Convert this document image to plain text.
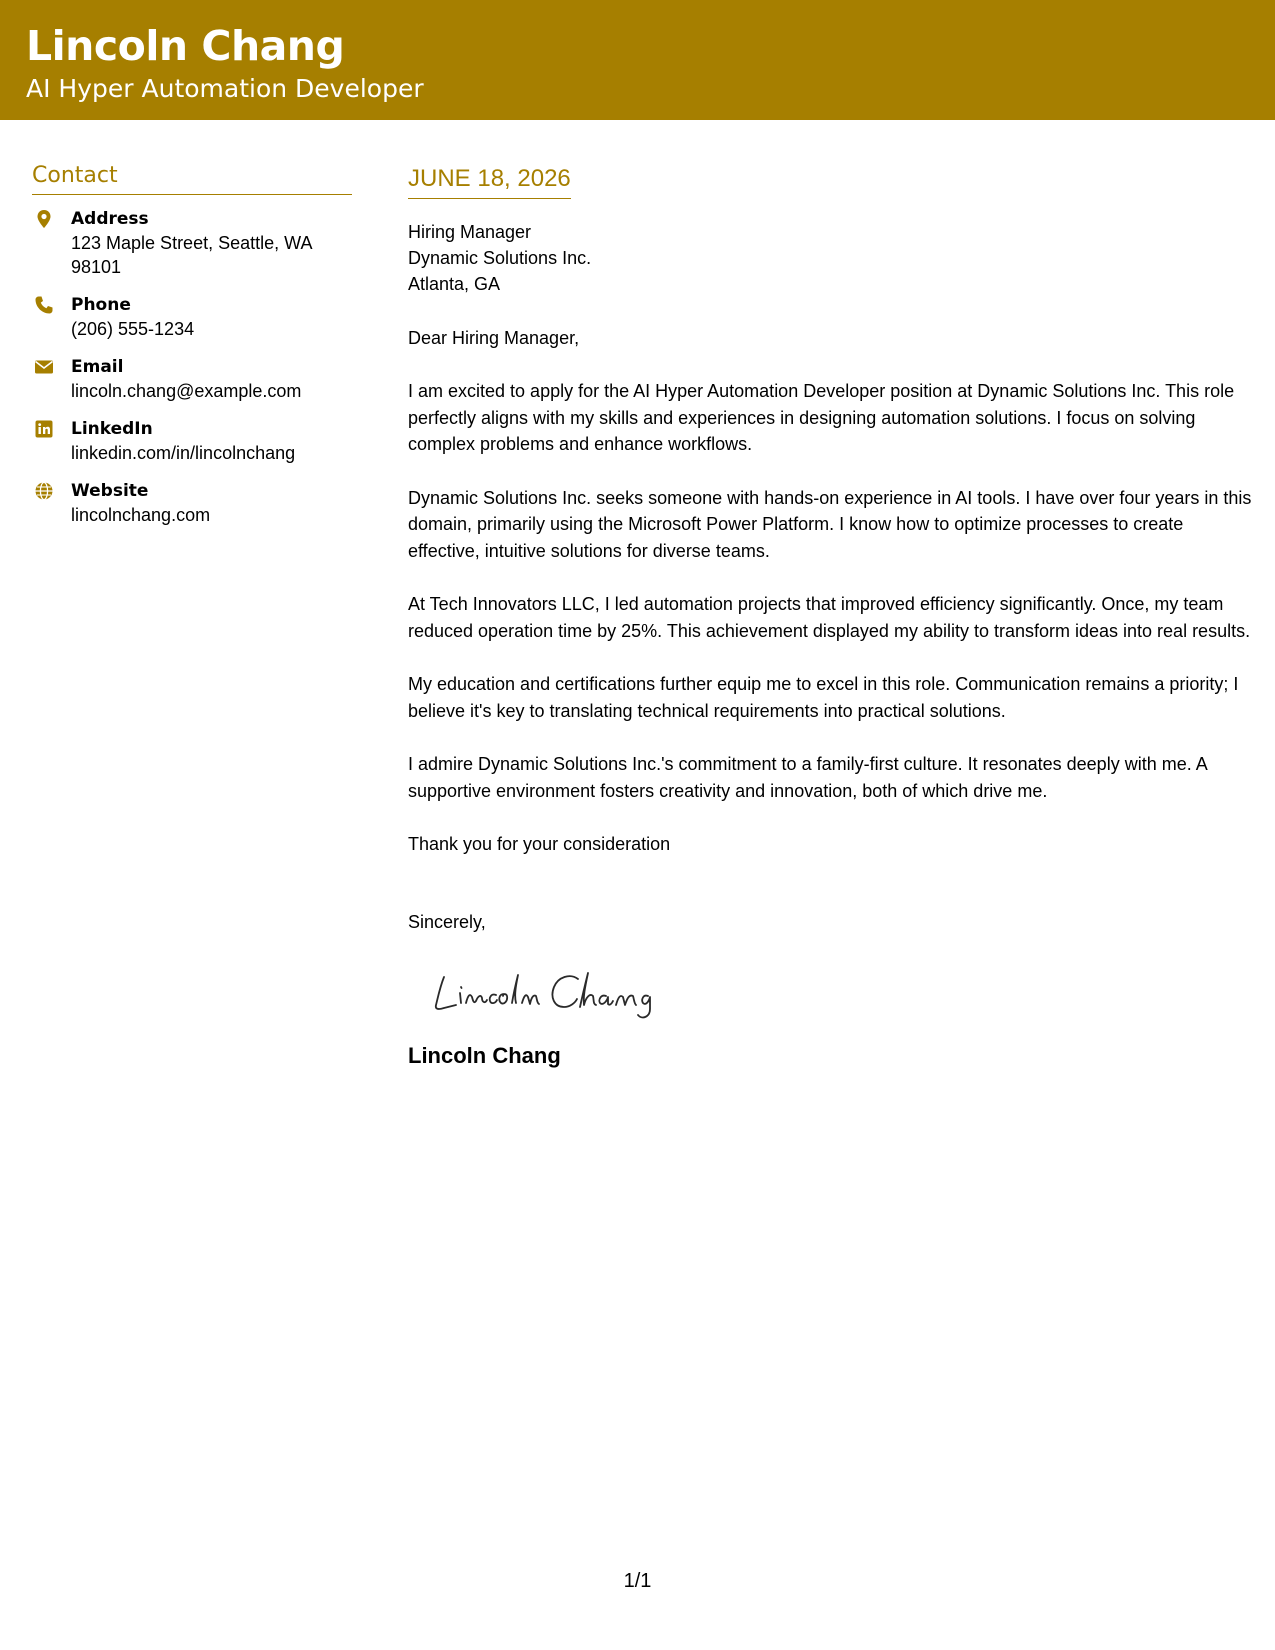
Lincoln Chang
AI Hyper Automation Developer
Contact
Address
123 Maple Street, Seattle, WA 98101
Phone
(206) 555-1234
Email
lincoln.chang@example.com
LinkedIn
linkedin.com/in/lincolnchang
Website
lincolnchang.com
JUNE 18, 2026
Hiring Manager
Dynamic Solutions Inc.
Atlanta, GA
Dear Hiring Manager,
I am excited to apply for the AI Hyper Automation Developer position at Dynamic Solutions Inc. This role perfectly aligns with my skills and experiences in designing automation solutions. I focus on solving complex problems and enhance workflows.
Dynamic Solutions Inc. seeks someone with hands-on experience in AI tools. I have over four years in this domain, primarily using the Microsoft Power Platform. I know how to optimize processes to create effective, intuitive solutions for diverse teams.
At Tech Innovators LLC, I led automation projects that improved efficiency significantly. Once, my team reduced operation time by 25%. This achievement displayed my ability to transform ideas into real results.
My education and certifications further equip me to excel in this role. Communication remains a priority; I believe it's key to translating technical requirements into practical solutions.
I admire Dynamic Solutions Inc.'s commitment to a family-first culture. It resonates deeply with me. A supportive environment fosters creativity and innovation, both of which drive me.
Thank you for your consideration
Sincerely,
Lincoln Chang
1/1
